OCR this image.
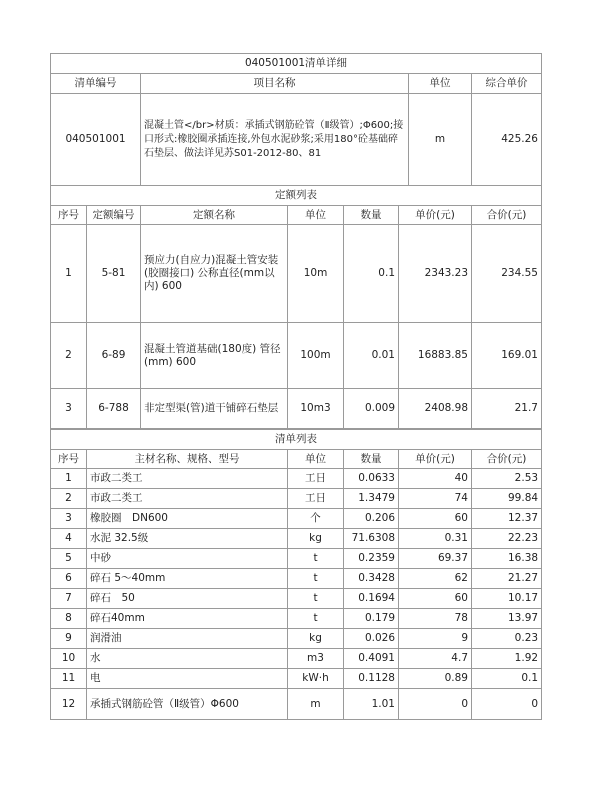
040501001清单详细			
清单编号	项目名称	单位	综合单价
040501001	混凝土管</br>材质：承插式钢筋砼管（Ⅱ级管）;Φ600;接口形式:橡胶圈承插连接,外包水泥砂浆;采用180°砼基础碎石垫层、做法详见苏S01-2012-80、81	m	425.26
定额列表						
序号	定额编号	定额名称	单位	数量	单价(元)	合价(元)
1	5-81	预应力(自应力)混凝土管安装(胶圈接口) 公称直径(mm以内) 600	10m	0.1	2343.23	234.55
2	6-89	混凝土管道基础(180度) 管径(mm) 600	100m	0.01	16883.85	169.01
3	6-788	非定型渠(管)道干铺碎石垫层	10m3	0.009	2408.98	21.7
清单列表					
序号	主材名称、规格、型号	单位	数量	单价(元)	合价(元)
1	市政二类工	工日	0.0633	40	2.53
2	市政二类工	工日	1.3479	74	99.84
3	橡胶圈　DN600	个	0.206	60	12.37
4	水泥 32.5级	kg	71.6308	0.31	22.23
5	中砂	t	0.2359	69.37	16.38
6	碎石 5～40mm	t	0.3428	62	21.27
7	碎石　50	t	0.1694	60	10.17
8	碎石40mm	t	0.179	78	13.97
9	润滑油	kg	0.026	9	0.23
10	水	m3	0.4091	4.7	1.92
11	电	kW·h	0.1128	0.89	0.1
12	承插式钢筋砼管（Ⅱ级管）Φ600	m	1.01	0	0
